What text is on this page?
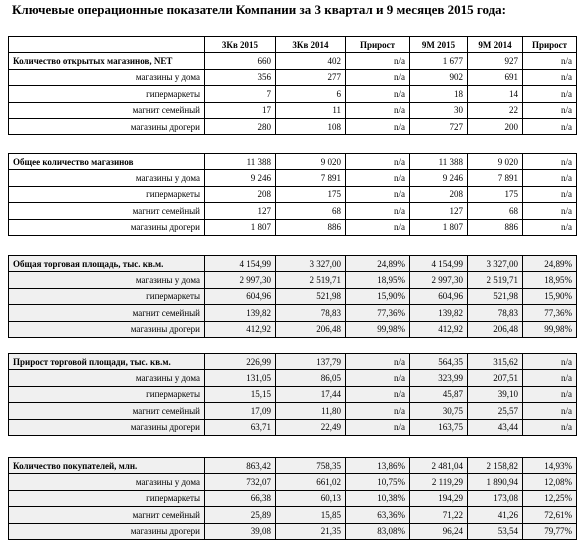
Ключевые операционные показатели Компании за 3 квартал и 9 месяцев 2015 года:
	3Кв 2015	3Кв 2014	Прирост	9М 2015	9М 2014	Прирост
Количество открытых магазинов, NET	660	402	n/a	1 677	927	n/a
магазины у дома	356	277	n/a	902	691	n/a
гипермаркеты	7	6	n/a	18	14	n/a
магнит семейный	17	11	n/a	30	22	n/a
магазины дрогери	280	108	n/a	727	200	n/a
Общее количество магазинов	11 388	9 020	n/a	11 388	9 020	n/a
магазины у дома	9 246	7 891	n/a	9 246	7 891	n/a
гипермаркеты	208	175	n/a	208	175	n/a
магнит семейный	127	68	n/a	127	68	n/a
магазины дрогери	1 807	886	n/a	1 807	886	n/a
Общая торговая площадь, тыс. кв.м.	4 154,99	3 327,00	24,89%	4 154,99	3 327,00	24,89%
магазины у дома	2 997,30	2 519,71	18,95%	2 997,30	2 519,71	18,95%
гипермаркеты	604,96	521,98	15,90%	604,96	521,98	15,90%
магнит семейный	139,82	78,83	77,36%	139,82	78,83	77,36%
магазины дрогери	412,92	206,48	99,98%	412,92	206,48	99,98%
Прирост торговой площади, тыс. кв.м.	226,99	137,79	n/a	564,35	315,62	n/a
магазины у дома	131,05	86,05	n/a	323,99	207,51	n/a
гипермаркеты	15,15	17,44	n/a	45,87	39,10	n/a
магнит семейный	17,09	11,80	n/a	30,75	25,57	n/a
магазины дрогери	63,71	22,49	n/a	163,75	43,44	n/a
Количество покупателей, млн.	863,42	758,35	13,86%	2 481,04	2 158,82	14,93%
магазины у дома	732,07	661,02	10,75%	2 119,29	1 890,94	12,08%
гипермаркеты	66,38	60,13	10,38%	194,29	173,08	12,25%
магнит семейный	25,89	15,85	63,36%	71,22	41,26	72,61%
магазины дрогери	39,08	21,35	83,08%	96,24	53,54	79,77%
